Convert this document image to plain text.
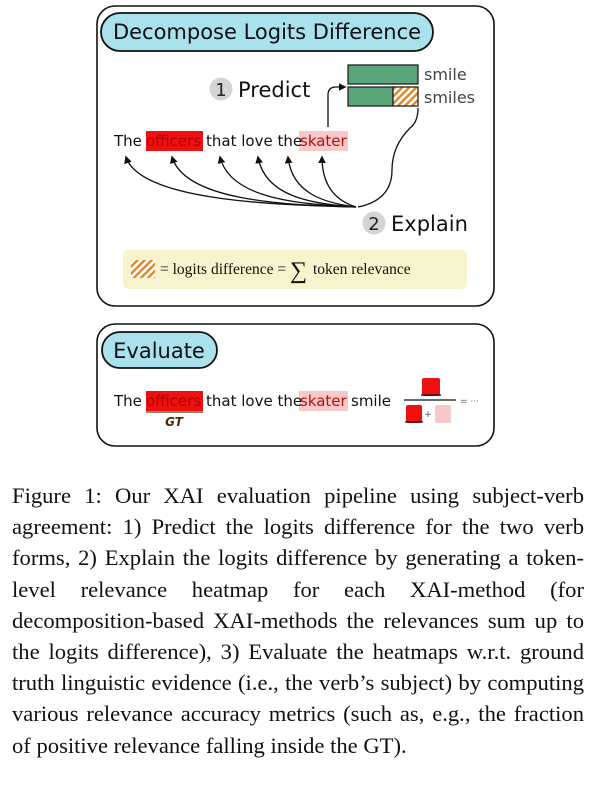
Decompose Logits Difference
1 Predict
smile
smiles
The officers that love the skater
2 Explain
= logits difference = ∑ token relevance
Evaluate
The officers that love the skater smile
GT	+
= ···

Figure 1: Our XAI evaluation pipeline using subject-verb agreement: 1) Predict the logits difference for the two verb forms, 2) Explain the logits difference by generating a token-level relevance heatmap for each XAI-method (for decomposition-based XAI-methods the relevances sum up to the logits difference), 3) Evaluate the heatmaps w.r.t. ground truth linguistic evidence (i.e., the verb’s subject) by computing various relevance accuracy metrics (such as, e.g., the fraction of positive relevance falling inside the GT).
